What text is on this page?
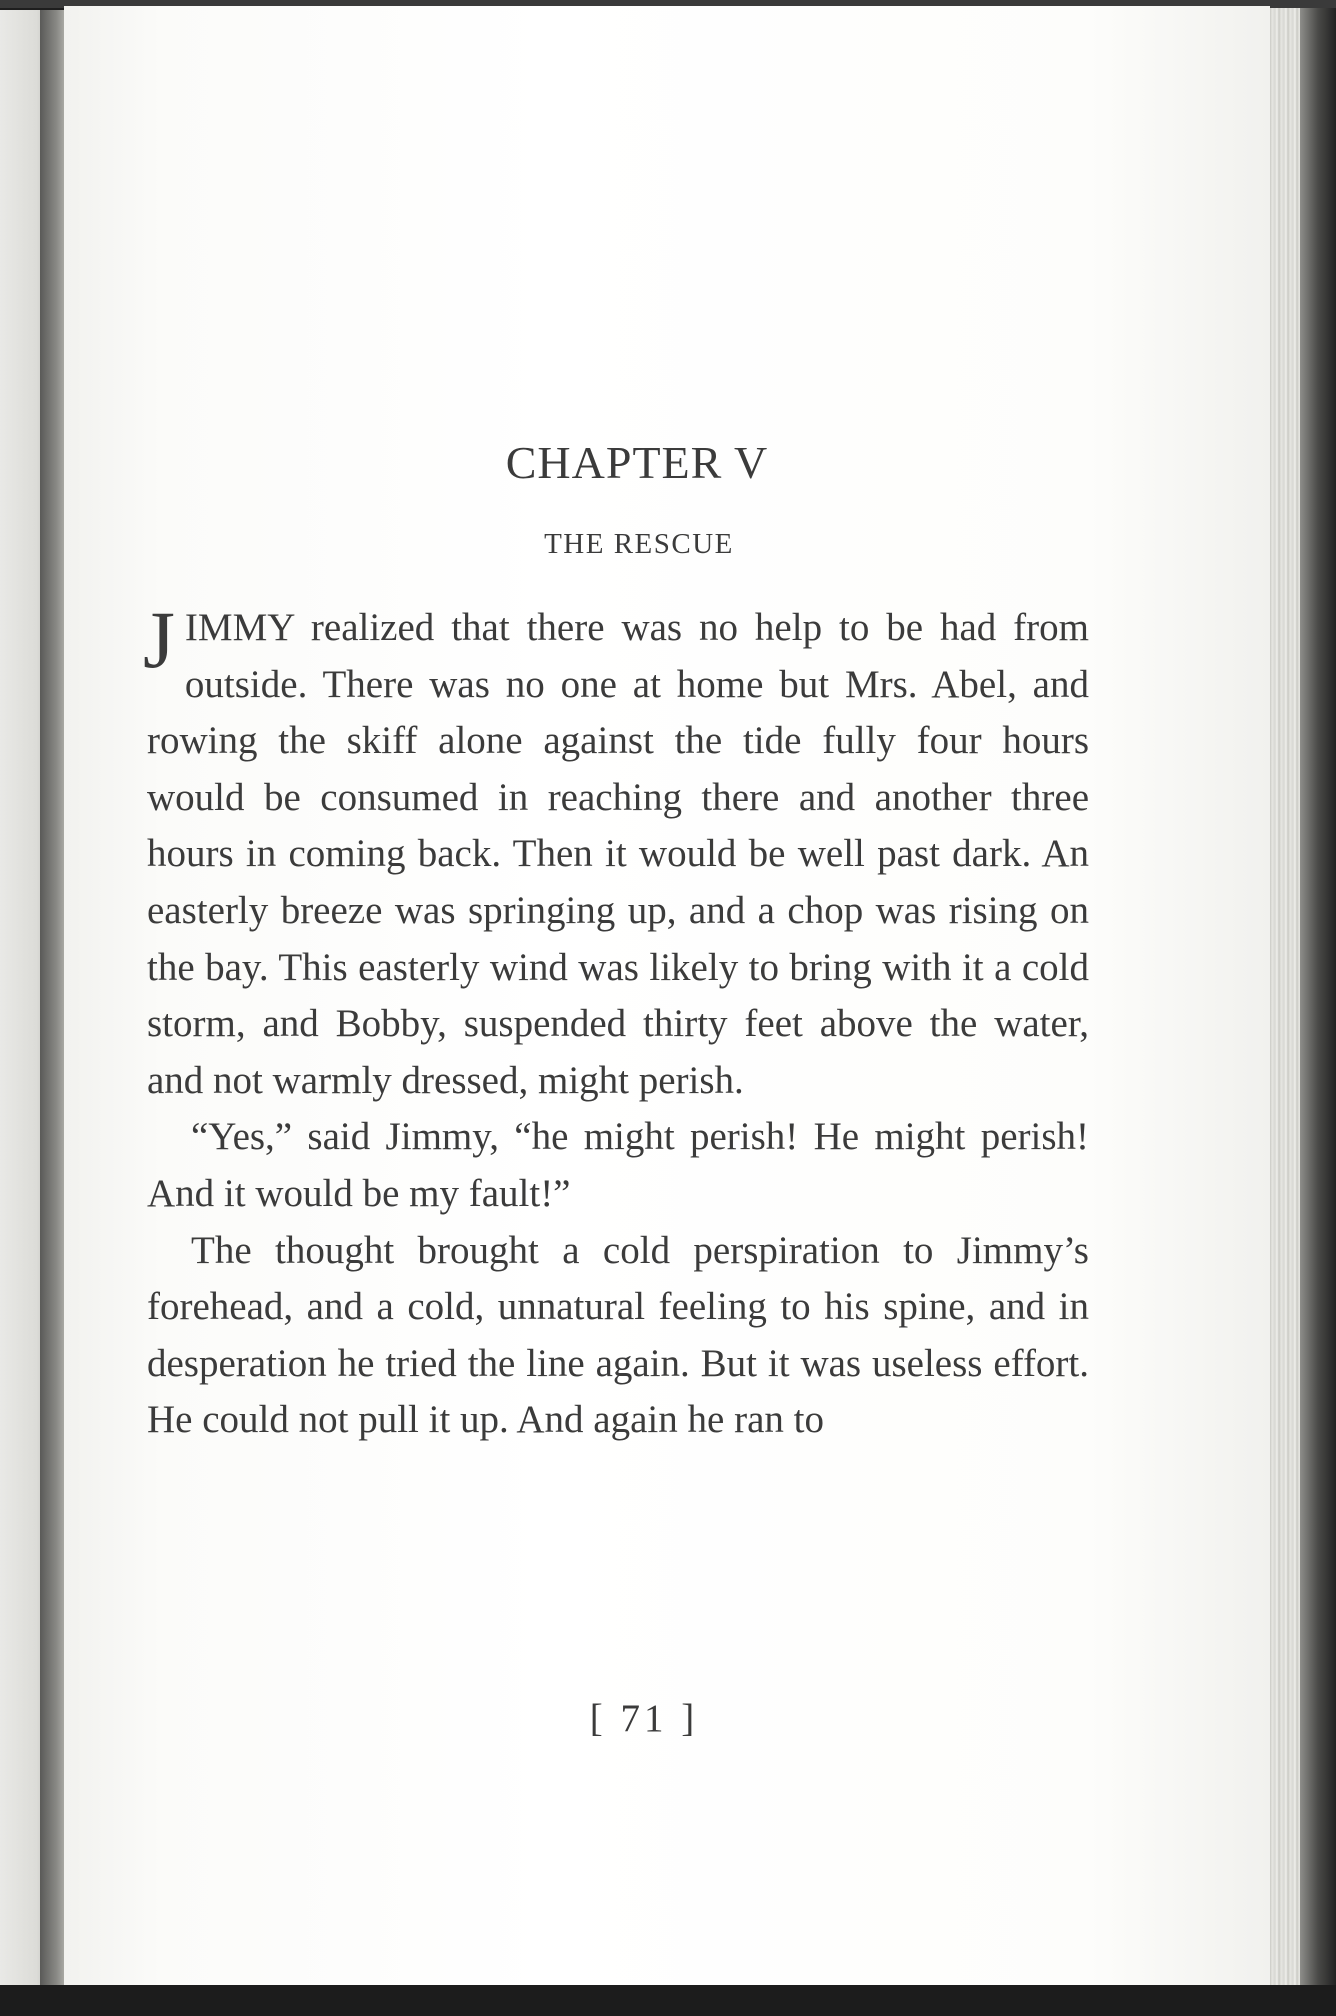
CHAPTER V
THE RESCUE

JIMMY realized that there was no help to be had from outside. There was no one at home but Mrs. Abel, and rowing the skiff alone against the tide fully four hours would be consumed in reaching there and another three hours in coming back. Then it would be well past dark. An easterly breeze was springing up, and a chop was rising on the bay. This easterly wind was likely to bring with it a cold storm, and Bobby, suspended thirty feet above the water, and not warmly dressed, might perish.

“Yes,” said Jimmy, “he might perish! He might perish! And it would be my fault!”

The thought brought a cold perspiration to Jimmy’s forehead, and a cold, unnatural feeling to his spine, and in desperation he tried the line again. But it was useless effort. He could not pull it up. And again he ran to

[ 71 ]
